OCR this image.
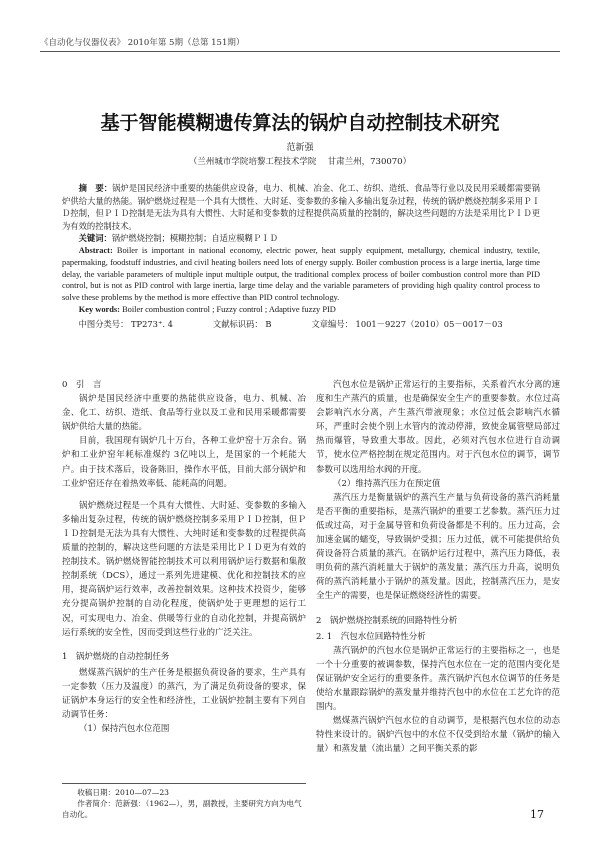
《自动化与仪器仪表》 2010年第 5期（总第 151期）
基于智能模糊遗传算法的锅炉自动控制技术研究
范新强
（兰州城市学院培黎工程技术学院　 甘肃兰州，730070）

摘　要：锅炉是国民经济中重要的热能供应设备，电力、机械、冶金、化工、纺织、造纸、食品等行业以及民用采暖都需要锅炉供给大量的热能。锅炉燃烧过程是一个具有大惯性、大时延、变参数的多输入多输出复杂过程，传统的锅炉燃烧控制多采用ＰＩＤ控制，但ＰＩＤ控制是无法为具有大惯性、大时延和变参数的过程提供高质量的控制的，解决这些问题的方法是采用比ＰＩＤ更为有效的控制技术。

关键词：锅炉燃烧控制；模糊控制；自适应模糊ＰＩＤ

Abstract: Boiler is important in national economy, electric power, heat supply equipment, metallurgy, chemical industry, textile, papermaking, foodstuff industries, and civil heating boilers need lots of energy supply. Boiler combustion process is a large inertia, large time delay, the variable parameters of multiple input multiple output, the traditional complex process of boiler combustion control more than PID control, but is not as PID control with large inertia, large time delay and the variable parameters of providing high quality control process to solve these problems by the method is more effective than PID control technology.

Key words: Boiler combustion control ; Fuzzy control ; Adaptive fuzzy PID

中图分类号： TP273⁺. 4	文献标识码： B	文章编号： 1001－9227（2010）05－0017－03

0　引　言

锅炉是国民经济中重要的热能供应设备，电力、机械、冶金、化工、纺织、造纸、食品等行业以及工业和民用采暖都需要锅炉供给大量的热能。

目前，我国现有锅炉几十万台，各种工业炉窑十万余台。锅炉和工业炉窑年耗标准煤约 3亿吨以上，是国家的一个耗能大户。由于技术落后，设备陈旧，操作水平低，目前大部分锅炉和工业炉窑还存在着热效率低、能耗高的问题。

锅炉燃烧过程是一个具有大惯性、大时延、变参数的多输入多输出复杂过程，传统的锅炉燃烧控制多采用ＰＩＤ控制，但ＰＩＤ控制是无法为具有大惯性、大纯时延和变参数的过程提供高质量的控制的，解决这些问题的方法是采用比ＰＩＤ更为有效的控制技术。锅炉燃烧智能控制技术可以利用锅炉运行数据和集散控制系统（DCS），通过一系列先进建模、优化和控制技术的应用，提高锅炉运行效率，改善控制效果。这种技术投资少，能够充分提高锅炉控制的自动化程度，使锅炉处于更理想的运行工况，可实现电力、冶金、供暖等行业的自动化控制，并提高锅炉运行系统的安全性，因而受到这些行业的广泛关注。

1　锅炉燃烧的自动控制任务

燃煤蒸汽锅炉的生产任务是根据负荷设备的要求，生产具有一定参数（压力及温度）的蒸汽，为了满足负荷设备的要求，保证锅炉本身运行的安全性和经济性，工业锅炉控制主要有下列自动调节任务：

（1）保持汽包水位范围

收稿日期：2010—07—23

作者简介：范新强：（1962—），男，副教授，主要研究方向为电气自动化。

汽包水位是锅炉正常运行的主要指标，关系着汽水分离的速度和生产蒸汽的质量，也是确保安全生产的重要参数。水位过高会影响汽水分离，产生蒸汽带液现象；水位过低会影响汽水循环，严重时会使个别上水管内的流动停滞，致使金属管壁局部过热而爆管，导致重大事故。因此，必须对汽包水位进行自动调节，使水位严格控制在规定范围内。对于汽包水位的调节，调节参数可以选用给水阀的开度。

（2）维持蒸汽压力在预定值

蒸汽压力是衡量锅炉的蒸汽生产量与负荷设备的蒸汽消耗量是否平衡的重要指标，是蒸汽锅炉的重要工艺参数。蒸汽压力过低或过高，对于金属导管和负荷设备都是不利的。压力过高，会加速金属的蠕变，导致锅炉受损；压力过低，就不可能提供给负荷设备符合质量的蒸汽。在锅炉运行过程中，蒸汽压力降低，表明负荷的蒸汽消耗量大于锅炉的蒸发量；蒸汽压力升高，说明负荷的蒸汽消耗量小于锅炉的蒸发量。因此，控制蒸汽压力，是安全生产的需要，也是保证燃烧经济性的需要。

2　锅炉燃烧控制系统的回路特性分析

2. 1　汽包水位回路特性分析

蒸汽锅炉的汽包水位是锅炉正常运行的主要指标之一，也是一个十分重要的被调参数，保持汽包水位在一定的范围内变化是保证锅炉安全运行的重要条件。蒸汽锅炉汽包水位调节的任务是使给水量跟踪锅炉的蒸发量并维持汽包中的水位在工艺允许的范围内。

燃煤蒸汽锅炉汽包水位的自动调节，是根据汽包水位的动态特性来设计的。锅炉汽包中的水位不仅受到给水量（锅炉的输入量）和蒸发量（流出量）之间平衡关系的影

17
